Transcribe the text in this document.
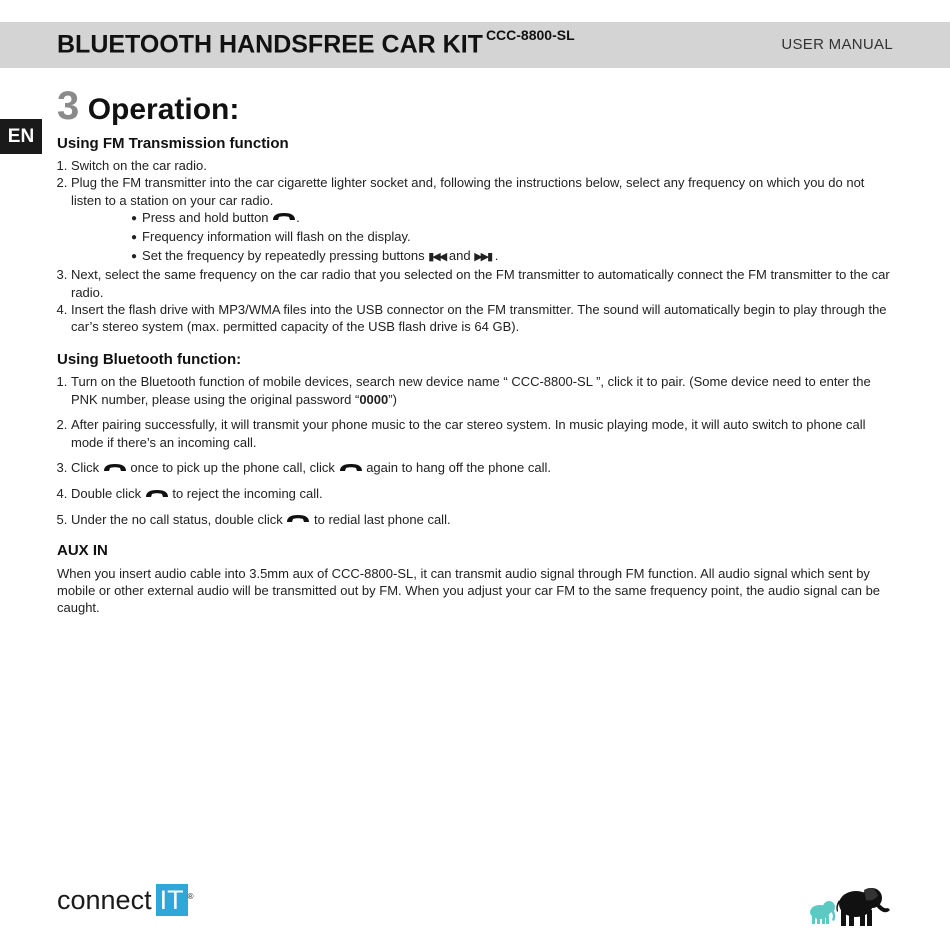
BLUETOOTH HANDSFREE CAR KIT $^{CCC-8800-SL}$
USER MANUAL
EN
3 Operation:
Using FM Transmission function
1. Switch on the car radio.
2. Plug the FM transmitter into the car cigarette lighter socket and, following the instructions below, select any frequency on which you do not listen to a station on your car radio.
● Press and hold button .
● Frequency information will flash on the display.
● Set the frequency by repeatedly pressing buttons ▮◀◀ and ▶▶▮ .
3. Next, select the same frequency on the car radio that you selected on the FM transmitter to automatically connect the FM transmitter to the car radio.
4. Insert the flash drive with MP3/WMA files into the USB connector on the FM transmitter. The sound will automatically begin to play through the car’s stereo system (max. permitted capacity of the USB flash drive is 64 GB).
Using Bluetooth function:
1. Turn on the Bluetooth function of mobile devices, search new device name “ CCC-8800-SL ”, click it to pair. (Some device need to enter the PNK number, please using the original password “0000”)
2. After pairing successfully, it will transmit your phone music to the car stereo system. In music playing mode, it will auto switch to phone call mode if there’s an incoming call.
3. Click once to pick up the phone call, click again to hang off the phone call.
4. Double click to reject the incoming call.
5. Under the no call status, double click to redial last phone call.
AUX IN

When you insert audio cable into 3.5mm aux of CCC-8800-SL, it can transmit audio signal through FM function. All audio signal which sent by mobile or other external audio will be transmitted out by FM. When you adjust your car FM to the same frequency point, the audio signal can be caught.

connect IT ®
